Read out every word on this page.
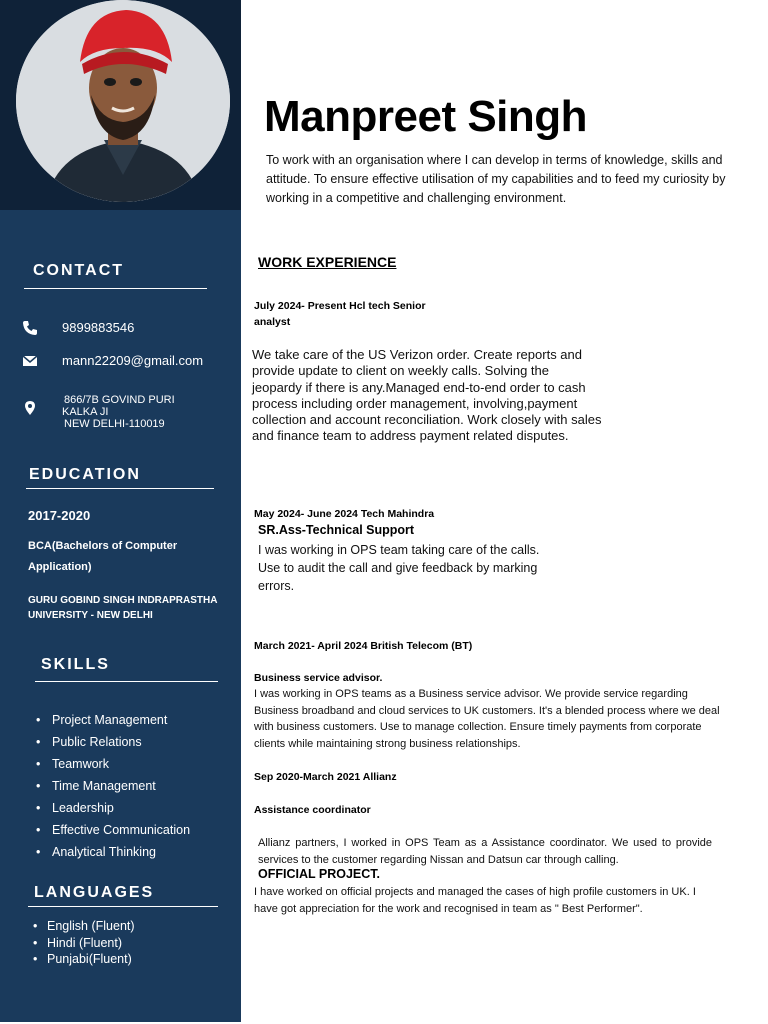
CONTACT
9899883546
mann22209@gmail.com
866/7B GOVIND PURI
KALKA JI
NEW DELHI-110019
EDUCATION
2017-2020
BCA(Bachelors of Computer Application)
GURU GOBIND SINGH INDRAPRASTHA UNIVERSITY - NEW DELHI
SKILLS
• Project Management
• Public Relations
• Teamwork
• Time Management
• Leadership
• Effective Communication
• Analytical Thinking
LANGUAGES
• English (Fluent)
• Hindi (Fluent)
• Punjabi(Fluent)
Manpreet Singh
To work with an organisation where I can develop in terms of knowledge, skills and attitude. To ensure effective utilisation of my capabilities and to feed my curiosity by working in a competitive and challenging environment.
WORK EXPERIENCE
July 2024- Present Hcl tech Senior analyst
We take care of the US Verizon order. Create reports and provide update to client on weekly calls. Solving the jeopardy if there is any.Managed end-to-end order to cash process including order management, involving,payment collection and account reconciliation. Work closely with sales and finance team to address payment related disputes.
May 2024- June 2024 Tech Mahindra
SR.Ass-Technical Support
I was working in OPS team taking care of the calls. Use to audit the call and give feedback by marking errors.
March 2021- April 2024 British Telecom (BT)
Business service advisor.
I was working in OPS teams as a Business service advisor. We provide service regarding Business broadband and cloud services to UK customers. It's a blended process where we deal with business customers. Use to manage collection. Ensure timely payments from corporate clients while maintaining strong business relationships.
Sep 2020-March 2021 Allianz
Assistance coordinator
Allianz partners, I worked in OPS Team as a Assistance coordinator. We used to provide services to the customer regarding Nissan and Datsun car through calling.
OFFICIAL PROJECT.
I have worked on official projects and managed the cases of high profile customers in UK. I have got appreciation for the work and recognised in team as " Best Performer".
